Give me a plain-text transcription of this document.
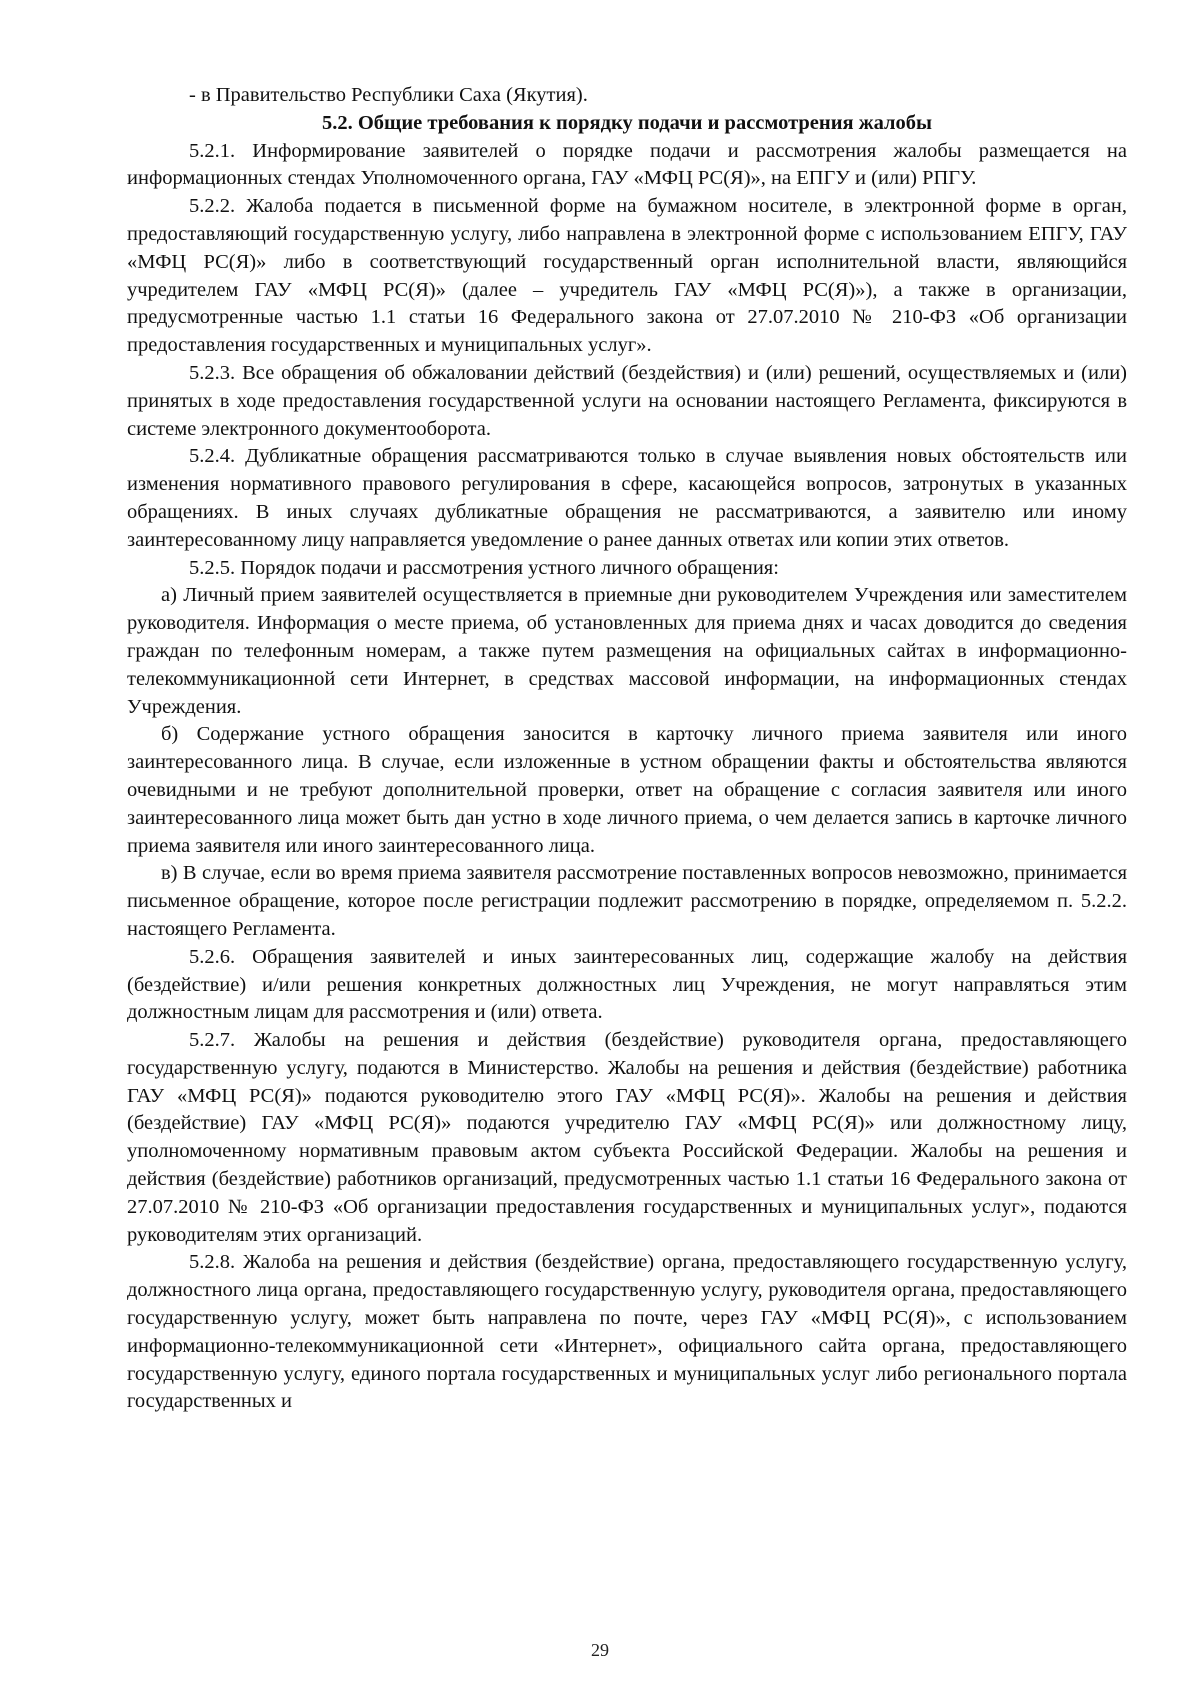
- в Правительство Республики Саха (Якутия).

5.2. Общие требования к порядку подачи и рассмотрения жалобы

5.2.1. Информирование заявителей о порядке подачи и рассмотрения жалобы размещается на информационных стендах Уполномоченного органа, ГАУ «МФЦ РС(Я)», на ЕПГУ и (или) РПГУ.

5.2.2. Жалоба подается в письменной форме на бумажном носителе, в электронной форме в орган, предоставляющий государственную услугу, либо направлена в электронной форме с использованием ЕПГУ, ГАУ «МФЦ РС(Я)» либо в соответствующий государственный орган исполнительной власти, являющийся учредителем ГАУ «МФЦ РС(Я)» (далее – учредитель ГАУ «МФЦ РС(Я)»), а также в организации, предусмотренные частью 1.1 статьи 16 Федерального закона от 27.07.2010 № 210-ФЗ «Об организации предоставления государственных и муниципальных услуг».

5.2.3. Все обращения об обжаловании действий (бездействия) и (или) решений, осуществляемых и (или) принятых в ходе предоставления государственной услуги на основании настоящего Регламента, фиксируются в системе электронного документооборота.

5.2.4. Дубликатные обращения рассматриваются только в случае выявления новых обстоятельств или изменения нормативного правового регулирования в сфере, касающейся вопросов, затронутых в указанных обращениях. В иных случаях дубликатные обращения не рассматриваются, а заявителю или иному заинтересованному лицу направляется уведомление о ранее данных ответах или копии этих ответов.

5.2.5. Порядок подачи и рассмотрения устного личного обращения:

а) Личный прием заявителей осуществляется в приемные дни руководителем Учреждения или заместителем руководителя. Информация о месте приема, об установленных для приема днях и часах доводится до сведения граждан по телефонным номерам, а также путем размещения на официальных сайтах в информационно-телекоммуникационной сети Интернет, в средствах массовой информации, на информационных стендах Учреждения.

б) Содержание устного обращения заносится в карточку личного приема заявителя или иного заинтересованного лица. В случае, если изложенные в устном обращении факты и обстоятельства являются очевидными и не требуют дополнительной проверки, ответ на обращение с согласия заявителя или иного заинтересованного лица может быть дан устно в ходе личного приема, о чем делается запись в карточке личного приема заявителя или иного заинтересованного лица.

в) В случае, если во время приема заявителя рассмотрение поставленных вопросов невозможно, принимается письменное обращение, которое после регистрации подлежит рассмотрению в порядке, определяемом п. 5.2.2. настоящего Регламента.

5.2.6. Обращения заявителей и иных заинтересованных лиц, содержащие жалобу на действия (бездействие) и/или решения конкретных должностных лиц Учреждения, не могут направляться этим должностным лицам для рассмотрения и (или) ответа.

5.2.7. Жалобы на решения и действия (бездействие) руководителя органа, предоставляющего государственную услугу, подаются в Министерство. Жалобы на решения и действия (бездействие) работника ГАУ «МФЦ РС(Я)» подаются руководителю этого ГАУ «МФЦ РС(Я)». Жалобы на решения и действия (бездействие) ГАУ «МФЦ РС(Я)» подаются учредителю ГАУ «МФЦ РС(Я)» или должностному лицу, уполномоченному нормативным правовым актом субъекта Российской Федерации. Жалобы на решения и действия (бездействие) работников организаций, предусмотренных частью 1.1 статьи 16 Федерального закона от 27.07.2010 № 210-ФЗ «Об организации предоставления государственных и муниципальных услуг», подаются руководителям этих организаций.

5.2.8. Жалоба на решения и действия (бездействие) органа, предоставляющего государственную услугу, должностного лица органа, предоставляющего государственную услугу, руководителя органа, предоставляющего государственную услугу, может быть направлена по почте, через ГАУ «МФЦ РС(Я)», с использованием информационно-телекоммуникационной сети «Интернет», официального сайта органа, предоставляющего государственную услугу, единого портала государственных и муниципальных услуг либо регионального портала государственных и

29
